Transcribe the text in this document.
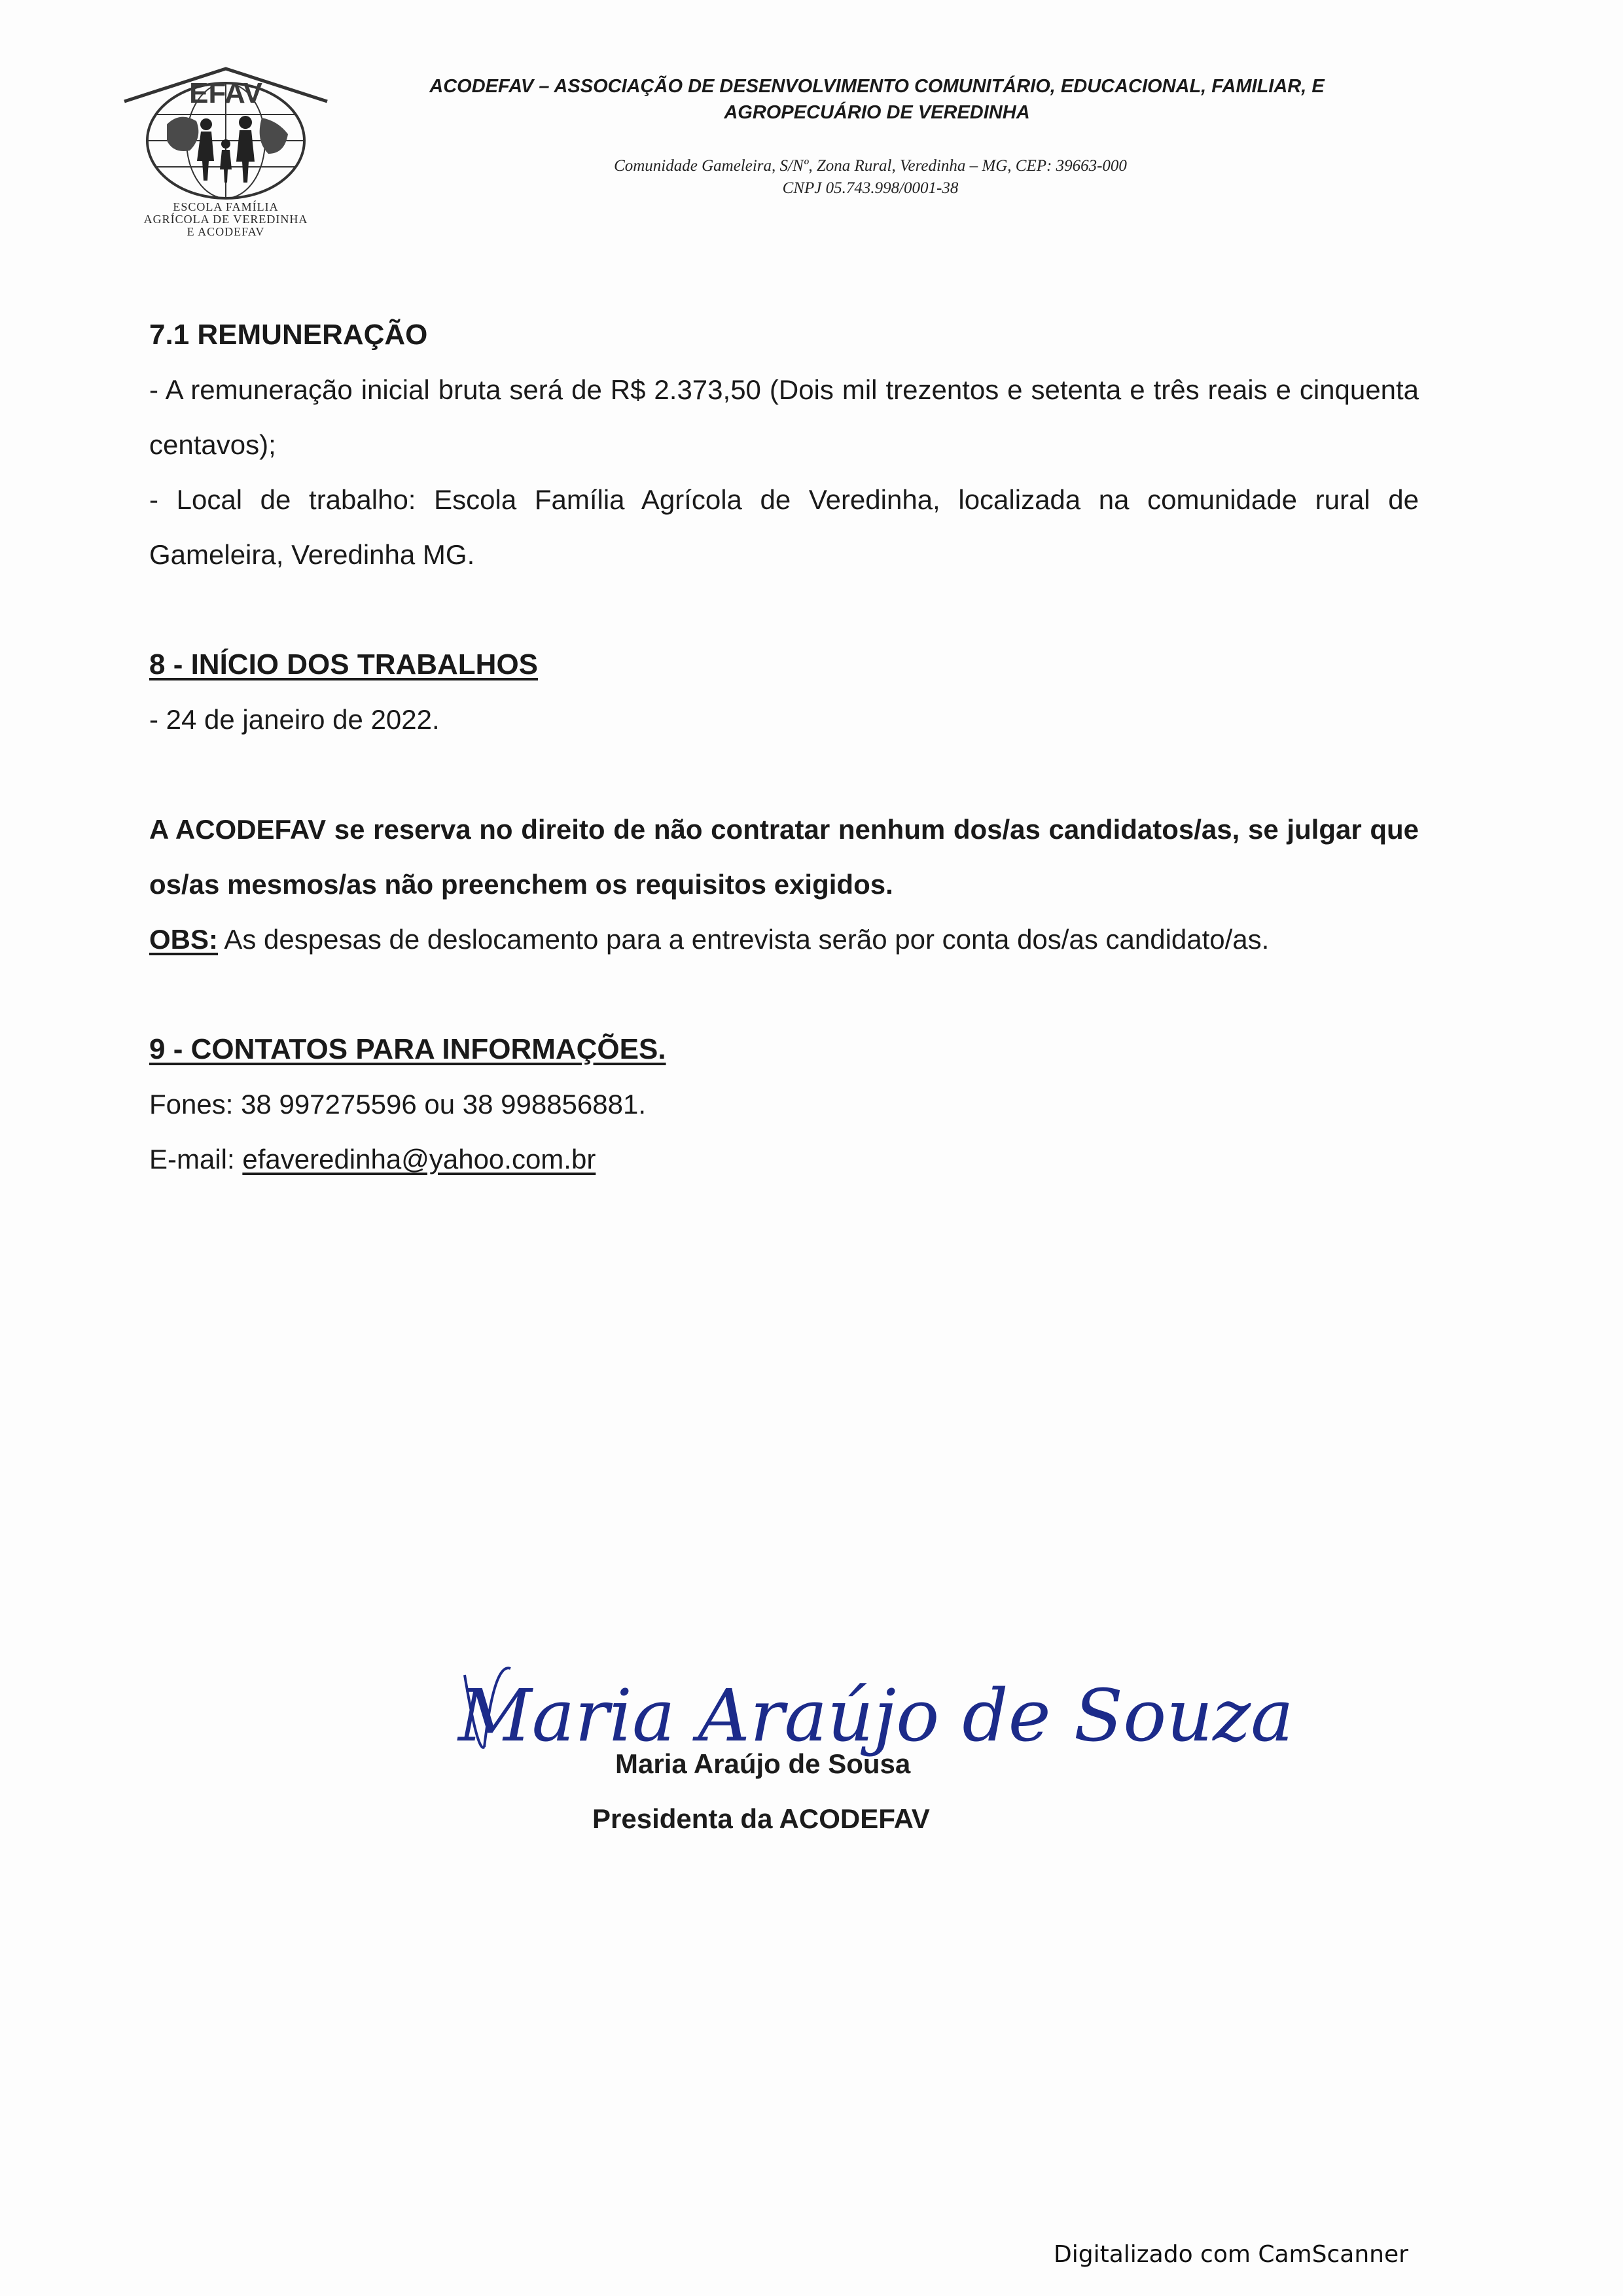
EFAV
ESCOLA FAMÍLIA
AGRÍCOLA DE VEREDINHA
E ACODEFAV
ACODEFAV – ASSOCIAÇÃO DE DESENVOLVIMENTO COMUNITÁRIO, EDUCACIONAL, FAMILIAR, E
AGROPECUÁRIO DE VEREDINHA
Comunidade Gameleira, S/Nº, Zona Rural, Veredinha – MG, CEP: 39663-000
CNPJ 05.743.998/0001-38
7.1 REMUNERAÇÃO
- A remuneração inicial bruta será de R$ 2.373,50 (Dois mil trezentos e setenta e três reais e cinquenta centavos);
- Local de trabalho: Escola Família Agrícola de Veredinha, localizada na comunidade rural de Gameleira, Veredinha MG.
8 - INÍCIO DOS TRABALHOS
- 24 de janeiro de 2022.
A ACODEFAV se reserva no direito de não contratar nenhum dos/as candidatos/as, se julgar que os/as mesmos/as não preenchem os requisitos exigidos.
OBS: As despesas de deslocamento para a entrevista serão por conta dos/as candidato/as.
9 - CONTATOS PARA INFORMAÇÕES.
Fones: 38 997275596 ou 38 998856881.
E-mail: efaveredinha@yahoo.com.br
Maria Araújo de Souza
Maria Araújo de Sousa
Presidenta da ACODEFAV
Digitalizado com CamScanner
